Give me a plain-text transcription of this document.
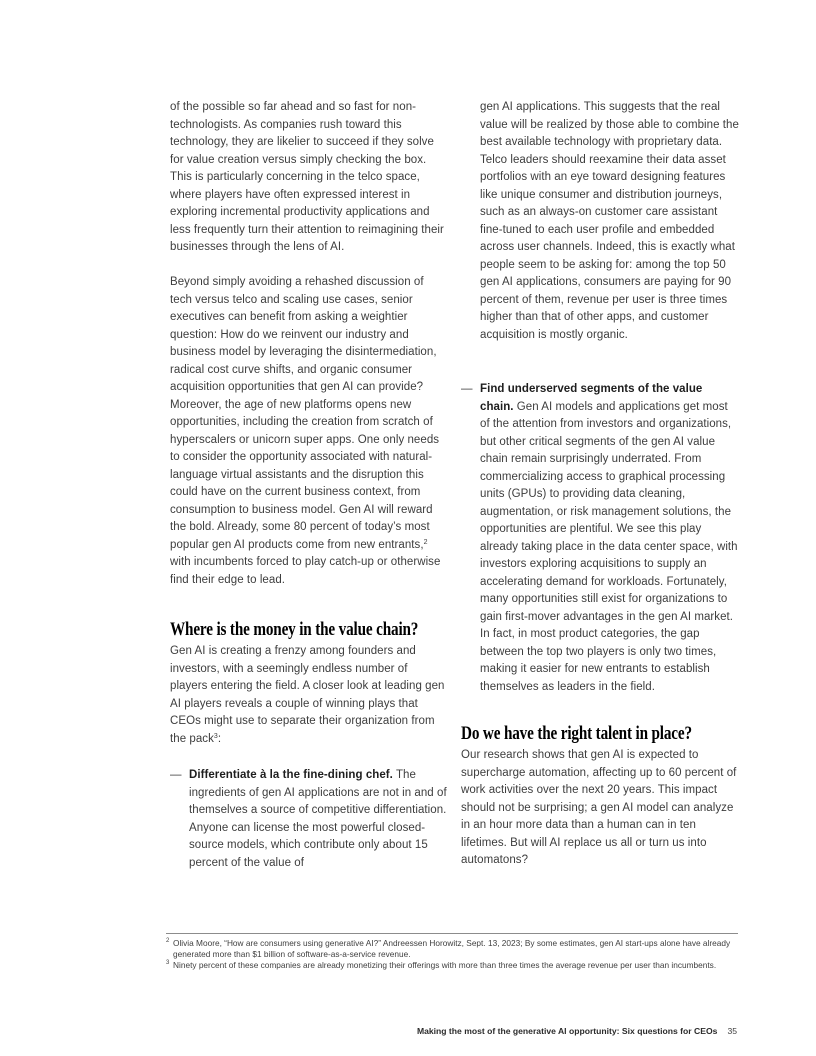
of the possible so far ahead and so fast for non-technologists. As companies rush toward this technology, they are likelier to succeed if they solve for value creation versus simply checking the box. This is particularly concerning in the telco space, where players have often expressed interest in exploring incremental productivity applications and less frequently turn their attention to reimagining their businesses through the lens of AI.

Beyond simply avoiding a rehashed discussion of tech versus telco and scaling use cases, senior executives can benefit from asking a weightier question: How do we reinvent our industry and business model by leveraging the disintermediation, radical cost curve shifts, and organic consumer acquisition opportunities that gen AI can provide? Moreover, the age of new platforms opens new opportunities, including the creation from scratch of hyperscalers or unicorn super apps. One only needs to consider the opportunity associated with natural-language virtual assistants and the disruption this could have on the current business context, from consumption to business model. Gen AI will reward the bold. Already, some 80 percent of today’s most popular gen AI products come from new entrants,$^2$ with incumbents forced to play catch-up or otherwise find their edge to lead.

Where is the money in the value chain?

Gen AI is creating a frenzy among founders and investors, with a seemingly endless number of players entering the field. A closer look at leading gen AI players reveals a couple of winning plays that CEOs might use to separate their organization from the pack$^3$:

— Differentiate à la the fine-dining chef. The ingredients of gen AI applications are not in and of themselves a source of competitive differentiation. Anyone can license the most powerful closed-source models, which contribute only about 15 percent of the value of

gen AI applications. This suggests that the real value will be realized by those able to combine the best available technology with proprietary data. Telco leaders should reexamine their data asset portfolios with an eye toward designing features like unique consumer and distribution journeys, such as an always-on customer care assistant fine-tuned to each user profile and embedded across user channels. Indeed, this is exactly what people seem to be asking for: among the top 50 gen AI applications, consumers are paying for 90 percent of them, revenue per user is three times higher than that of other apps, and customer acquisition is mostly organic.

— Find underserved segments of the value chain. Gen AI models and applications get most of the attention from investors and organizations, but other critical segments of the gen AI value chain remain surprisingly underrated. From commercializing access to graphical processing units (GPUs) to providing data cleaning, augmentation, or risk management solutions, the opportunities are plentiful. We see this play already taking place in the data center space, with investors exploring acquisitions to supply an accelerating demand for workloads. Fortunately, many opportunities still exist for organizations to gain first-mover advantages in the gen AI market. In fact, in most product categories, the gap between the top two players is only two times, making it easier for new entrants to establish themselves as leaders in the field.
Do we have the right talent in place?

Our research shows that gen AI is expected to supercharge automation, affecting up to 60 percent of work activities over the next 20 years. This impact should not be surprising; a gen AI model can analyze in an hour more data than a human can in ten lifetimes. But will AI replace us all or turn us into automatons?

2 Olivia Moore, “How are consumers using generative AI?” Andreessen Horowitz, Sept. 13, 2023; By some estimates, gen AI start-ups alone have already generated more than $1 billion of software-as-a-service revenue.
3 Ninety percent of these companies are already monetizing their offerings with more than three times the average revenue per user than incumbents.
Making the most of the generative AI opportunity: Six questions for CEOs 35
